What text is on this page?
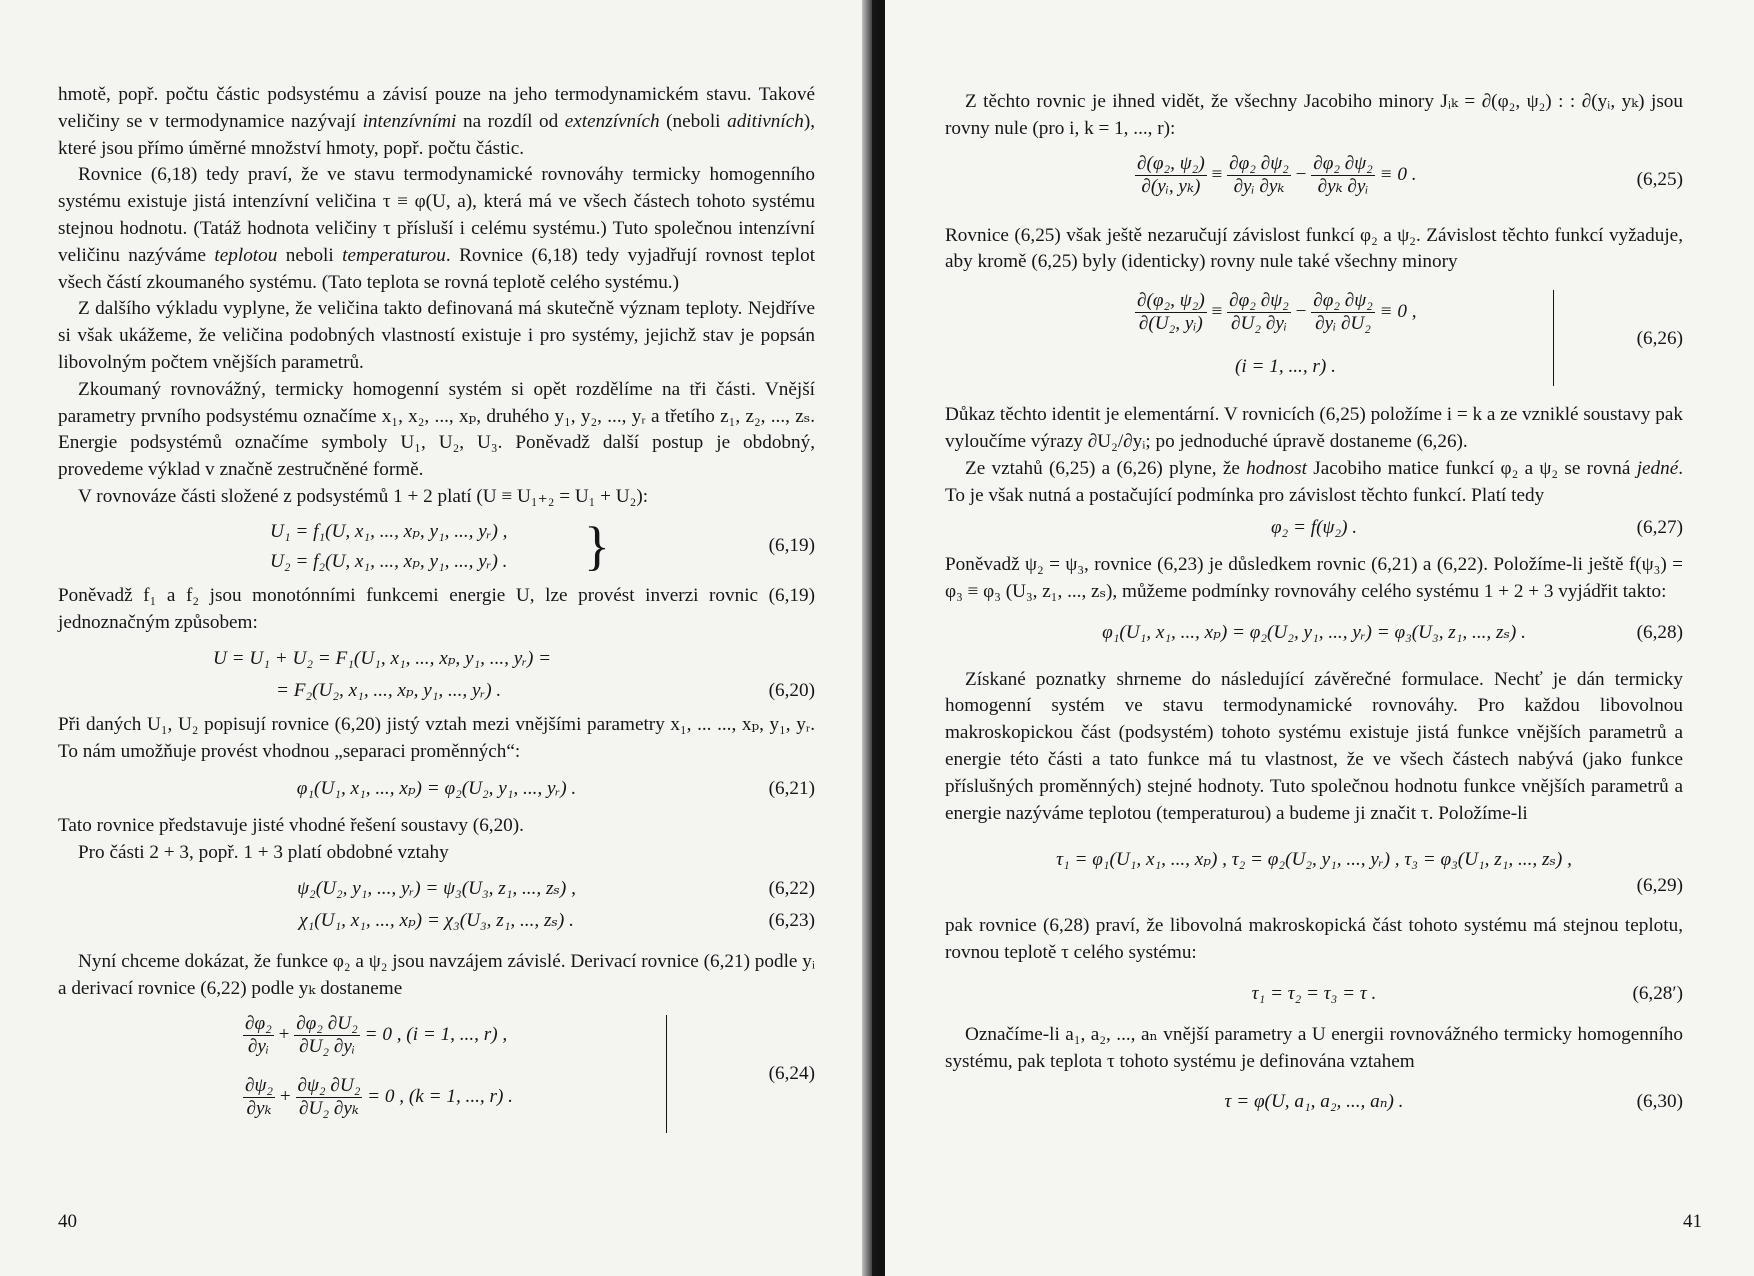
hmotě, popř. počtu částic podsystému a závisí pouze na jeho termodynamickém stavu. Takové veličiny se v termodynamice nazývají intenzívními na rozdíl od extenzívních (neboli aditivních), které jsou přímo úměrné množství hmoty, popř. počtu částic.

Rovnice (6,18) tedy praví, že ve stavu termodynamické rovnováhy termicky homogenního systému existuje jistá intenzívní veličina τ ≡ φ(U, a), která má ve všech částech tohoto systému stejnou hodnotu. (Tatáž hodnota veličiny τ přísluší i celému systému.) Tuto společnou intenzívní veličinu nazýváme teplotou neboli temperaturou. Rovnice (6,18) tedy vyjadřují rovnost teplot všech částí zkoumaného systému. (Tato teplota se rovná teplotě celého systému.)

Z dalšího výkladu vyplyne, že veličina takto definovaná má skutečně význam teploty. Nejdříve si však ukážeme, že veličina podobných vlastností existuje i pro systémy, jejichž stav je popsán libovolným počtem vnějších parametrů.

Zkoumaný rovnovážný, termicky homogenní systém si opět rozdělíme na tři části. Vnější parametry prvního podsystému označíme x₁, x₂, ..., xₚ, druhého y₁, y₂, ..., yᵣ a třetího z₁, z₂, ..., zₛ. Energie podsystémů označíme symboly U₁, U₂, U₃. Poněvadž další postup je obdobný, provedeme výklad v značně zestručněné formě.

V rovnováze části složené z podsystémů 1 + 2 platí (U ≡ U₁₊₂ = U₁ + U₂):

U₁ = f₁(U, x₁, ..., xₚ, y₁, ..., yᵣ) ,
U₂ = f₂(U, x₁, ..., xₚ, y₁, ..., yᵣ) . }	(6,19)

Poněvadž f₁ a f₂ jsou monotónními funkcemi energie U, lze provést inverzi rovnic (6,19) jednoznačným způsobem:

U = U₁ + U₂ = F₁(U₁, x₁, ..., xₚ, y₁, ..., yᵣ) =
= F₂(U₂, x₁, ..., xₚ, y₁, ..., yᵣ) .	(6,20)

Při daných U₁, U₂ popisují rovnice (6,20) jistý vztah mezi vnějšími parametry x₁, ... ..., xₚ, y₁, yᵣ. To nám umožňuje provést vhodnou „separaci proměnných“:

φ₁(U₁, x₁, ..., xₚ) = φ₂(U₂, y₁, ..., yᵣ) .	(6,21)

Tato rovnice představuje jisté vhodné řešení soustavy (6,20).

Pro části 2 + 3, popř. 1 + 3 platí obdobné vztahy

ψ₂(U₂, y₁, ..., yᵣ) = ψ₃(U₃, z₁, ..., zₛ) ,	(6,22)
χ₁(U₁, x₁, ..., xₚ) = χ₃(U₃, z₁, ..., zₛ) .	(6,23)

Nyní chceme dokázat, že funkce φ₂ a ψ₂ jsou navzájem závislé. Derivací rovnice (6,21) podle yᵢ a derivací rovnice (6,22) podle yₖ dostaneme

$\frac{\text{∂φ₂}}{\text{∂yᵢ}} + \frac{\text{∂φ₂ ∂U₂}}{\text{∂U₂ ∂yᵢ}} = 0$ , (i = 1, ..., r) ,
$\frac{\text{∂ψ₂}}{\text{∂yₖ}} + \frac{\text{∂ψ₂ ∂U₂}}{\text{∂U₂ ∂yₖ}} = 0$ , (k = 1, ..., r) .
(6,24)
40

Z těchto rovnic je ihned vidět, že všechny Jacobiho minory Jᵢₖ = ∂(φ₂, ψ₂) : : ∂(yᵢ, yₖ) jsou rovny nule (pro i, k = 1, ..., r):

$\frac{\text{∂(φ₂, ψ₂)}}{\text{∂(yᵢ, yₖ)}} \equiv \frac{\text{∂φ₂ ∂ψ₂}}{\text{∂yᵢ ∂yₖ}} - \frac{\text{∂φ₂ ∂ψ₂}}{\text{∂yₖ ∂yᵢ}} \equiv 0$ .	(6,25)

Rovnice (6,25) však ještě nezaručují závislost funkcí φ₂ a ψ₂. Závislost těchto funkcí vyžaduje, aby kromě (6,25) byly (identicky) rovny nule také všechny minory

$\frac{\text{∂(φ₂, ψ₂)}}{\text{∂(U₂, yᵢ)}} \equiv \frac{\text{∂φ₂ ∂ψ₂}}{\text{∂U₂ ∂yᵢ}} - \frac{\text{∂φ₂ ∂ψ₂}}{\text{∂yᵢ ∂U₂}} \equiv 0$ ,
(i = 1, ..., r) .
(6,26)

Důkaz těchto identit je elementární. V rovnicích (6,25) položíme i = k a ze vzniklé soustavy pak vyloučíme výrazy ∂U₂/∂yᵢ; po jednoduché úpravě dostaneme (6,26).

Ze vztahů (6,25) a (6,26) plyne, že hodnost Jacobiho matice funkcí φ₂ a ψ₂ se rovná jedné. To je však nutná a postačující podmínka pro závislost těchto funkcí. Platí tedy

φ₂ = f(ψ₂) .	(6,27)

Poněvadž ψ₂ = ψ₃, rovnice (6,23) je důsledkem rovnic (6,21) a (6,22). Položíme-li ještě f(ψ₃) = φ₃ ≡ φ₃ (U₃, z₁, ..., zₛ), můžeme podmínky rovnováhy celého systému 1 + 2 + 3 vyjádřit takto:

φ₁(U₁, x₁, ..., xₚ) = φ₂(U₂, y₁, ..., yᵣ) = φ₃(U₃, z₁, ..., zₛ) .	(6,28)

Získané poznatky shrneme do následující závěrečné formulace. Nechť je dán termicky homogenní systém ve stavu termodynamické rovnováhy. Pro každou libovolnou makroskopickou část (podsystém) tohoto systému existuje jistá funkce vnějších parametrů a energie této části a tato funkce má tu vlastnost, že ve všech částech nabývá (jako funkce příslušných proměnných) stejné hodnoty. Tuto společnou hodnotu funkce vnějších parametrů a energie nazýváme teplotou (temperaturou) a budeme ji značit τ. Položíme-li

τ₁ = φ₁(U₁, x₁, ..., xₚ) , τ₂ = φ₂(U₂, y₁, ..., yᵣ) , τ₃ = φ₃(U₁, z₁, ..., zₛ) ,
(6,29)

pak rovnice (6,28) praví, že libovolná makroskopická část tohoto systému má stejnou teplotu, rovnou teplotě τ celého systému:

τ₁ = τ₂ = τ₃ = τ .	(6,28′)

Označíme-li a₁, a₂, ..., aₙ vnější parametry a U energii rovnovážného termicky homogenního systému, pak teplota τ tohoto systému je definována vztahem

τ = φ(U, a₁, a₂, ..., aₙ) .	(6,30)
41
